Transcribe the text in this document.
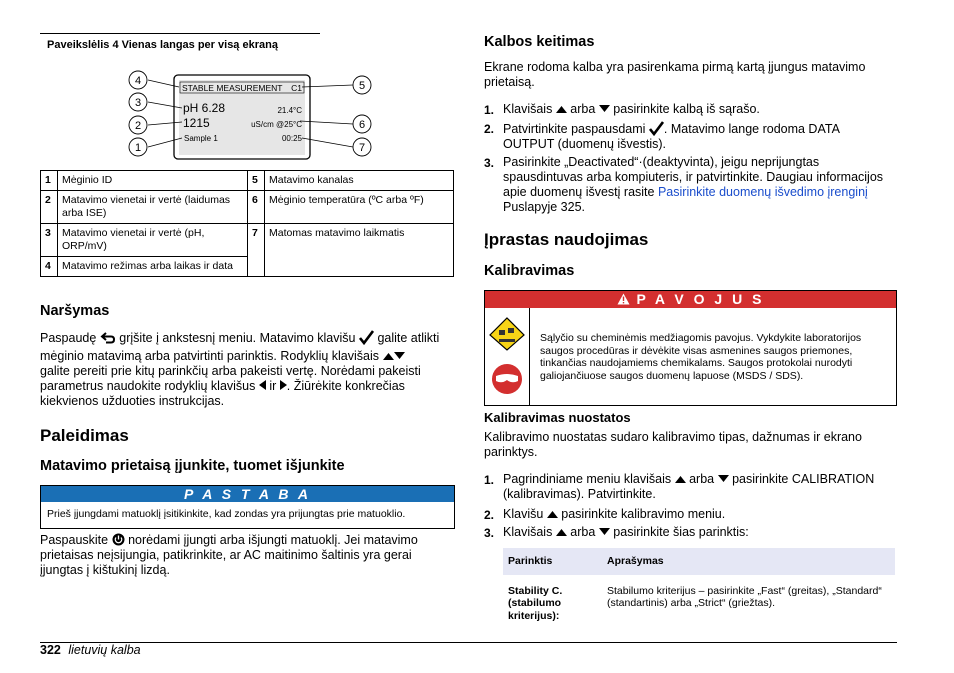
Paveikslėlis 4 Vienas langas per visą ekraną
4
3
2
1
5
6
7
STABLE MEASUREMENT C1
pH 6.28	21.4°C
1215	uS/cm @25°C
Sample 1	00:25
1	Mėginio ID	5	Matavimo kanalas
2	Matavimo vienetai ir vertė (laidumas arba ISE)	6	Mėginio temperatūra (ºC arba ºF)
3	Matavimo vienetai ir vertė (pH, ORP/mV)	7	Matomas matavimo laikmatis
4	Matavimo režimas arba laikas ir data		
Naršymas
Paspaudę grįšite į ankstesnį meniu. Matavimo klavišu galite atlikti
mėginio matavimą arba patvirtinti parinktis. Rodyklių klavišais
galite pereiti prie kitų parinkčių arba pakeisti vertę. Norėdami pakeisti
parametrus naudokite rodyklių klavišus ir . Žiūrėkite konkrečias
kiekvienos užduoties instrukcijas.
Paleidimas
Matavimo prietaisą įjunkite, tuomet išjunkite
P A S T A B A
Prieš įjungdami matuoklį įsitikinkite, kad zondas yra prijungtas prie matuoklio.
Paspauskite norėdami įjungti arba išjungti matuoklį. Jei matavimo
prietaisas neįsijungia, patikrinkite, ar AC maitinimo šaltinis yra gerai
įjungtas į kištukinį lizdą.
Kalbos keitimas
Ekrane rodoma kalba yra pasirenkama pirmą kartą įjungus matavimo
prietaisą.
1. Klavišais arba pasirinkite kalbą iš sąrašo.
2. Patvirtinkite paspausdami . Matavimo lange rodoma DATA
OUTPUT (duomenų išvestis).
3. Pasirinkite „Deactivated“·(deaktyvinta), jeigu neprijungtas
spausdintuvas arba kompiuteris, ir patvirtinkite. Daugiau informacijos
apie duomenų išvestį rasite Pasirinkite duomenų išvedimo įrenginį
Puslapyje 325.
Įprastas naudojimas
Kalibravimas
P A V O J U S
Sąlyčio su cheminėmis medžiagomis pavojus. Vykdykite laboratorijos saugos procedūras ir dėvėkite visas asmenines saugos priemones, tinkančias naudojamiems chemikalams. Saugos protokolai nurodyti galiojančiuose saugos duomenų lapuose (MSDS / SDS).
Kalibravimas nuostatos
Kalibravimo nuostatas sudaro kalibravimo tipas, dažnumas ir ekrano
parinktys.
1. Pagrindiniame meniu klavišais arba pasirinkite CALIBRATION
(kalibravimas). Patvirtinkite.
2. Klavišu pasirinkite kalibravimo meniu.
3. Klavišais arba pasirinkite šias parinktis:
Parinktis	Aprašymas
Stability C. (stabilumo kriterijus):	Stabilumo kriterijus – pasirinkite „Fast“ (greitas), „Standard“ (standartinis) arba „Strict“ (griežtas).
322 lietuvių kalba
